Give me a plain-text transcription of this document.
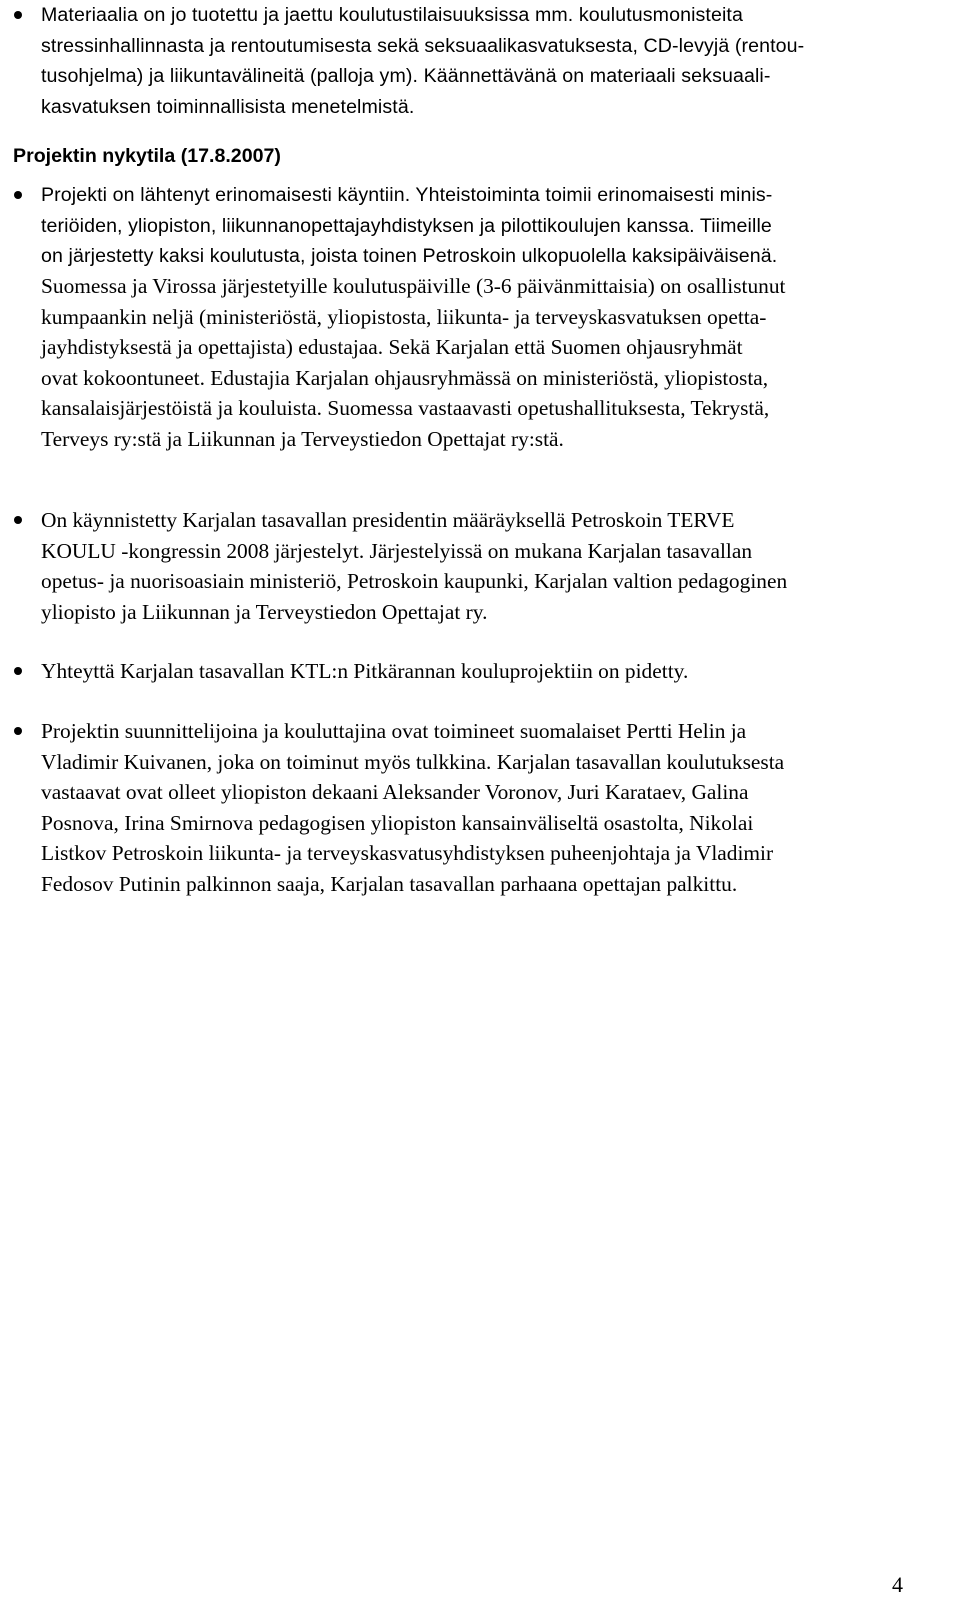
Materiaalia on jo tuotettu ja jaettu koulutustilaisuuksissa mm. koulutusmonisteita
stressinhallinnasta ja rentoutumisesta sekä seksuaalikasvatuksesta, CD-levyjä (rentou-
tusohjelma) ja liikuntavälineitä (palloja ym). Käännettävänä on materiaali seksuaali-
kasvatuksen toiminnallisista menetelmistä.

Projektin nykytila (17.8.2007)

Projekti on lähtenyt erinomaisesti käyntiin. Yhteistoiminta toimii erinomaisesti minis-
teriöiden, yliopiston, liikunnanopettajayhdistyksen ja pilottikoulujen kanssa. Tiimeille
on järjestetty kaksi koulutusta, joista toinen Petroskoin ulkopuolella kaksipäiväisenä.

Suomessa ja Virossa järjestetyille koulutuspäiville (3-6 päivänmittaisia) on osallistunut
kumpaankin neljä (ministeriöstä, yliopistosta, liikunta- ja terveyskasvatuksen opetta-
jayhdistyksestä ja opettajista) edustajaa. Sekä Karjalan että Suomen ohjausryhmät
ovat kokoontuneet. Edustajia Karjalan ohjausryhmässä on ministeriöstä, yliopistosta,
kansalaisjärjestöistä ja kouluista. Suomessa vastaavasti opetushallituksesta, Tekrystä,
Terveys ry:stä ja Liikunnan ja Terveystiedon Opettajat ry:stä.

On käynnistetty Karjalan tasavallan presidentin määräyksellä Petroskoin TERVE
KOULU -kongressin 2008 järjestelyt. Järjestelyissä on mukana Karjalan tasavallan
opetus- ja nuorisoasiain ministeriö, Petroskoin kaupunki, Karjalan valtion pedagoginen
yliopisto ja Liikunnan ja Terveystiedon Opettajat ry.

Yhteyttä Karjalan tasavallan KTL:n Pitkärannan kouluprojektiin on pidetty.

Projektin suunnittelijoina ja kouluttajina ovat toimineet suomalaiset Pertti Helin ja
Vladimir Kuivanen, joka on toiminut myös tulkkina. Karjalan tasavallan koulutuksesta
vastaavat ovat olleet yliopiston dekaani Aleksander Voronov, Juri Karataev, Galina
Posnova, Irina Smirnova pedagogisen yliopiston kansainväliseltä osastolta, Nikolai
Listkov Petroskoin liikunta- ja terveyskasvatusyhdistyksen puheenjohtaja ja Vladimir
Fedosov Putinin palkinnon saaja, Karjalan tasavallan parhaana opettajan palkittu.

4
